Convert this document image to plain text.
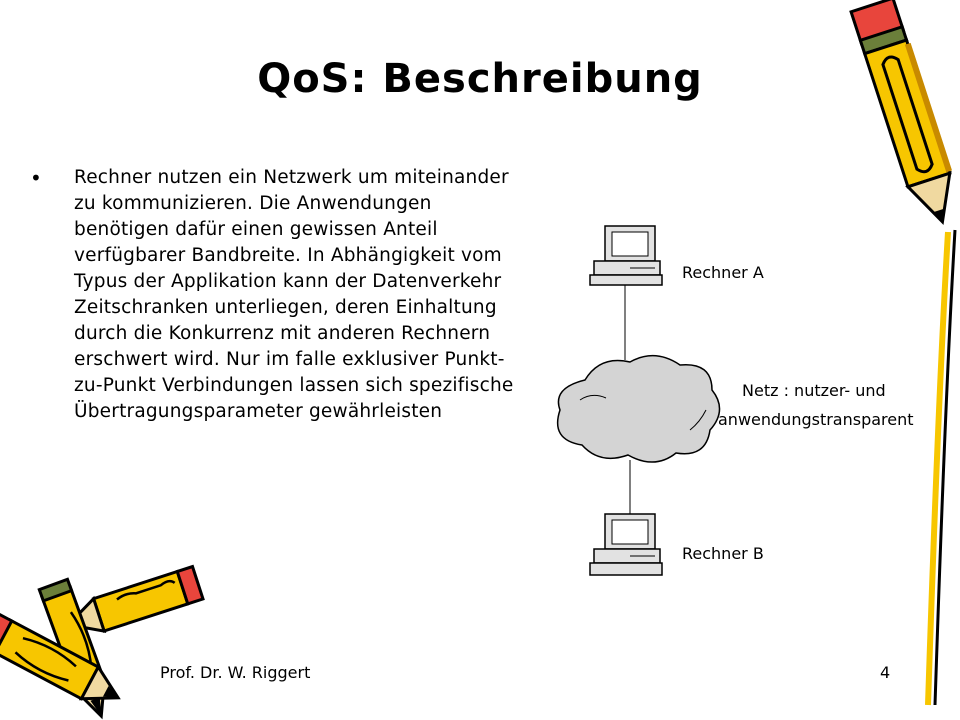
QoS: Beschreibung
• Rechner nutzen ein Netzwerk um miteinander zu kommunizieren. Die Anwendungen benötigen dafür einen gewissen Anteil verfügbarer Bandbreite. In Abhängigkeit vom Typus der Applikation kann der Datenverkehr Zeitschranken unterliegen, deren Einhaltung durch die Konkurrenz mit anderen Rechnern erschwert wird. Nur im falle exklusiver Punkt-zu-Punkt Verbindungen lassen sich spezifische Übertragungsparameter gewährleisten
Rechner A
Netz : nutzer- und
anwendungstransparent
Rechner B
Prof. Dr. W. Riggert	4
